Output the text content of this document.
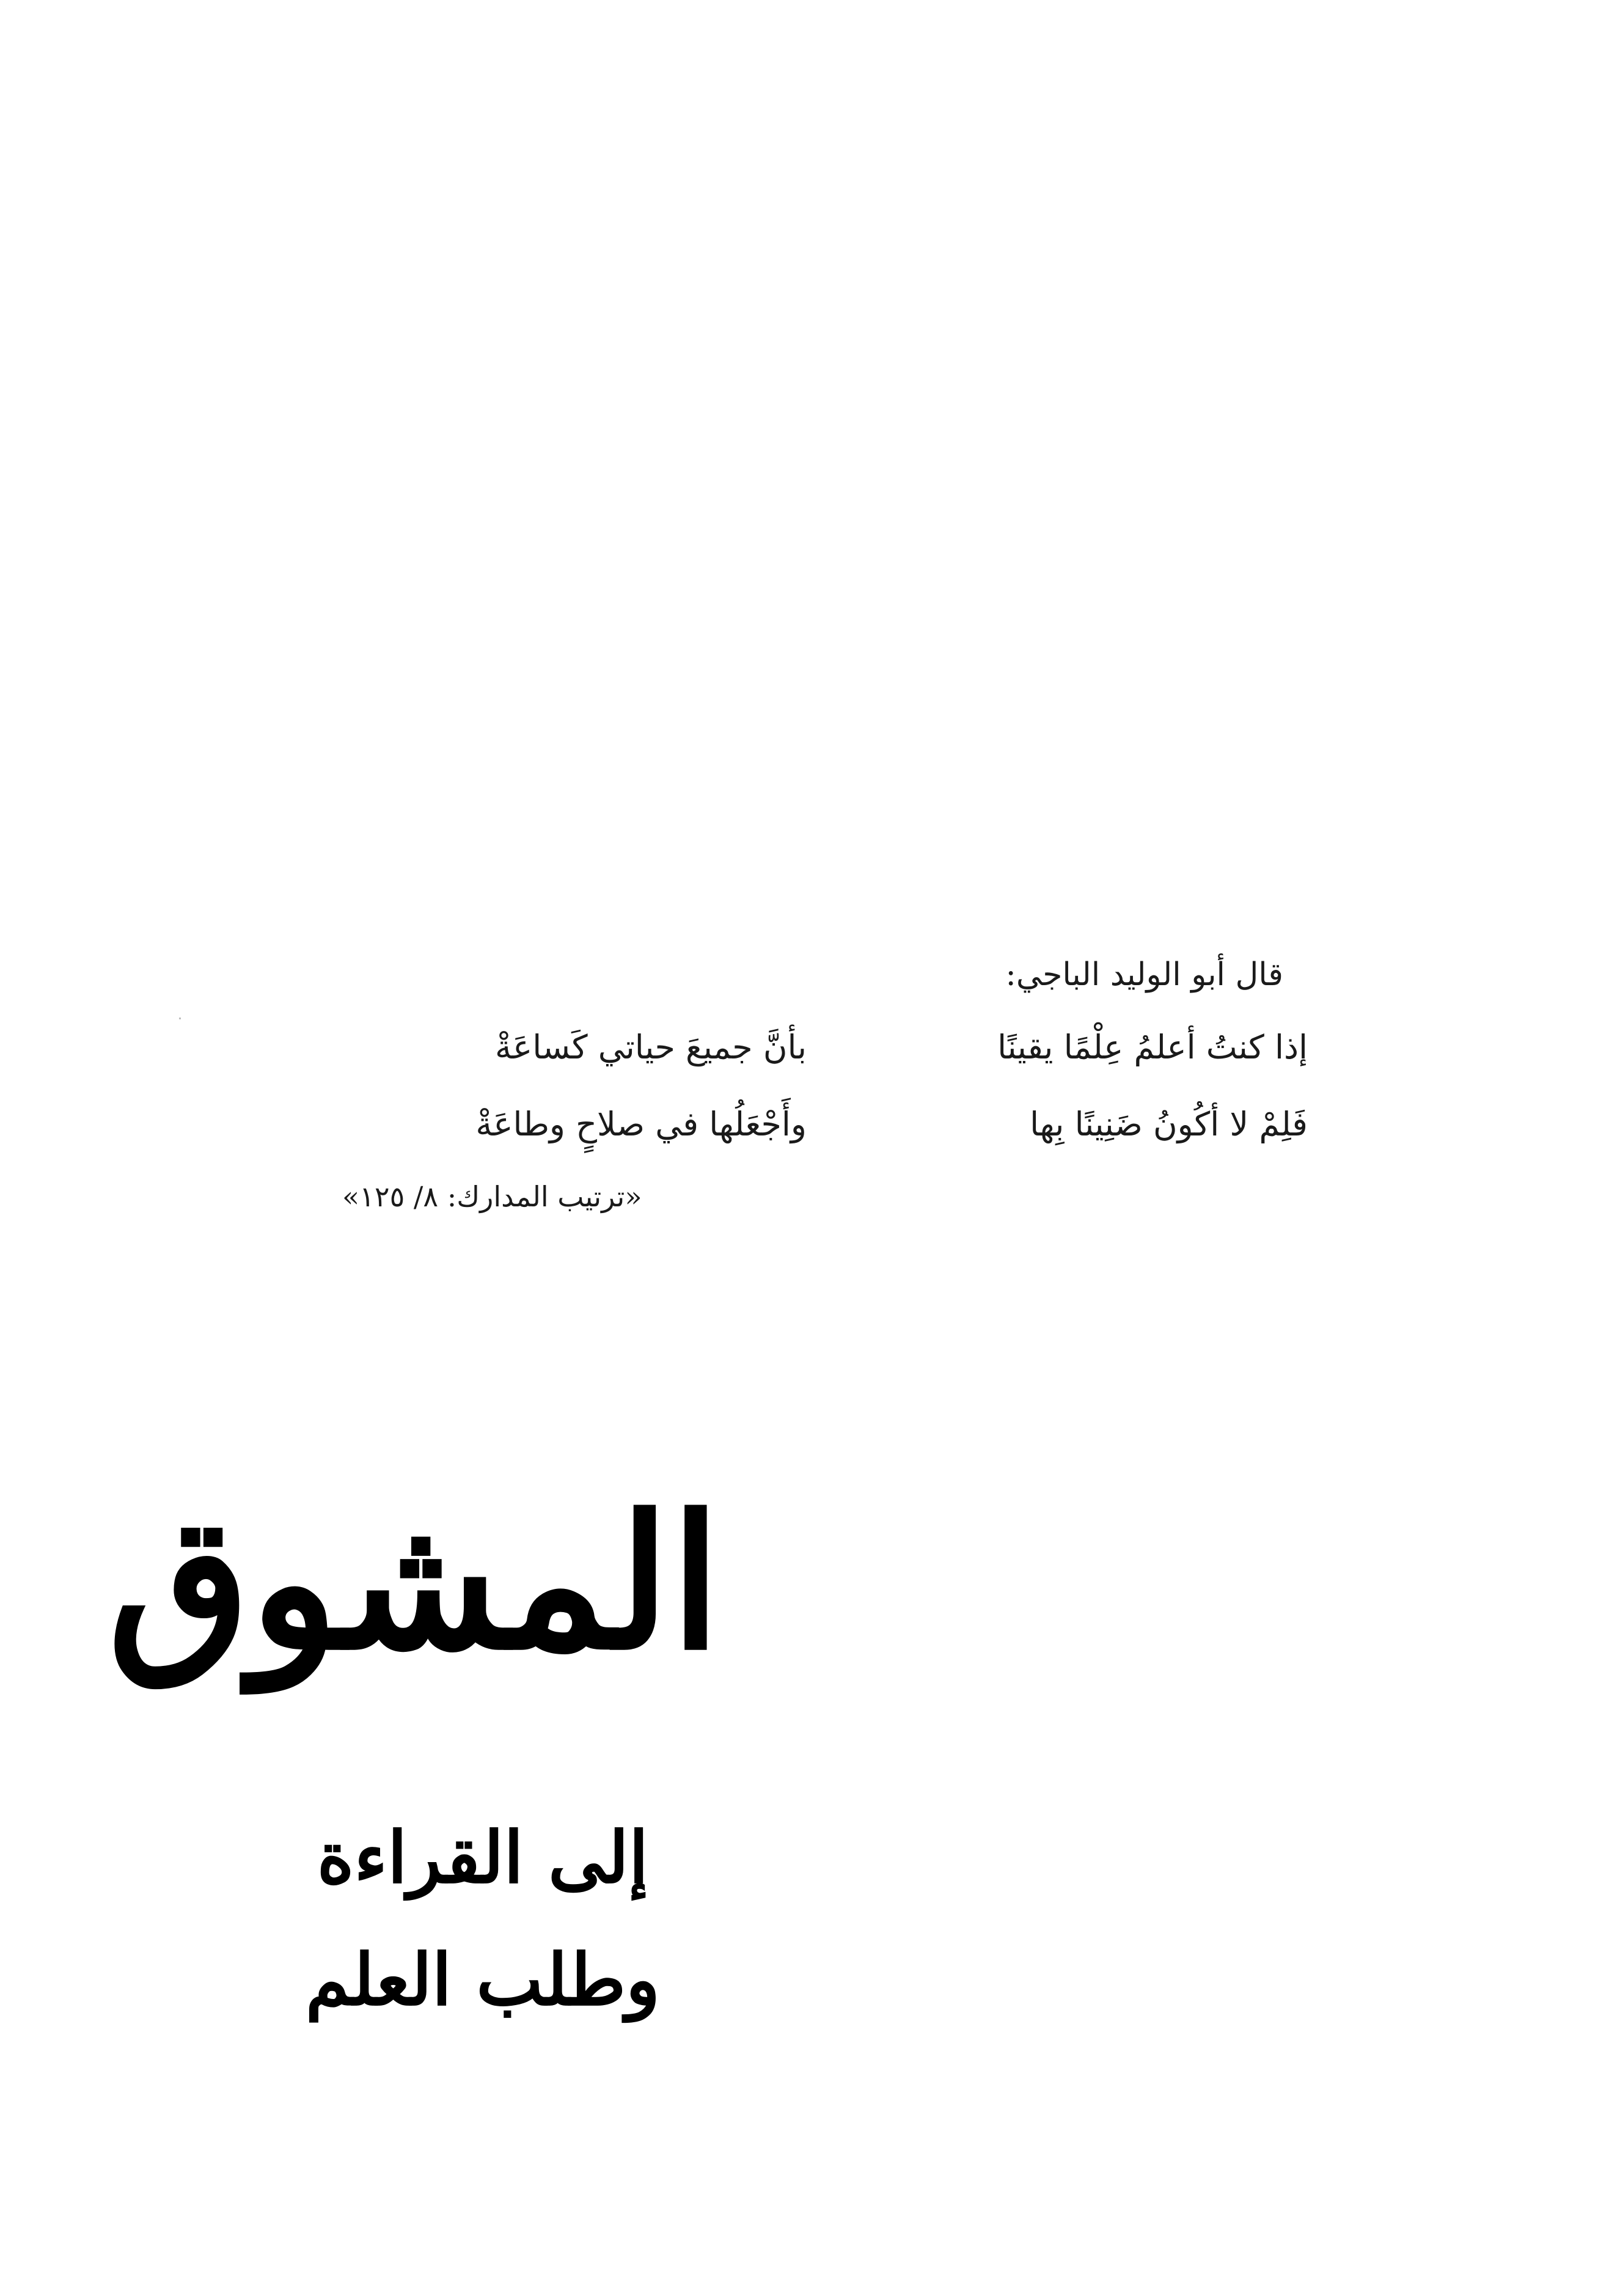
قال أبو الوليد الباجي:

إذا كنتُ أعلمُ عِلْمًا يقينًا
بأنَّ جميعَ حياتي كَساعَةْ
فَلِمْ لا أكُونُ ضَنِينًا بِها
وأَجْعَلُها في صلاحٍ وطاعَةْ

«ترتيب المدارك: ٨/ ١٢٥»

المشوق
إلى القراءة وطلب العلم
